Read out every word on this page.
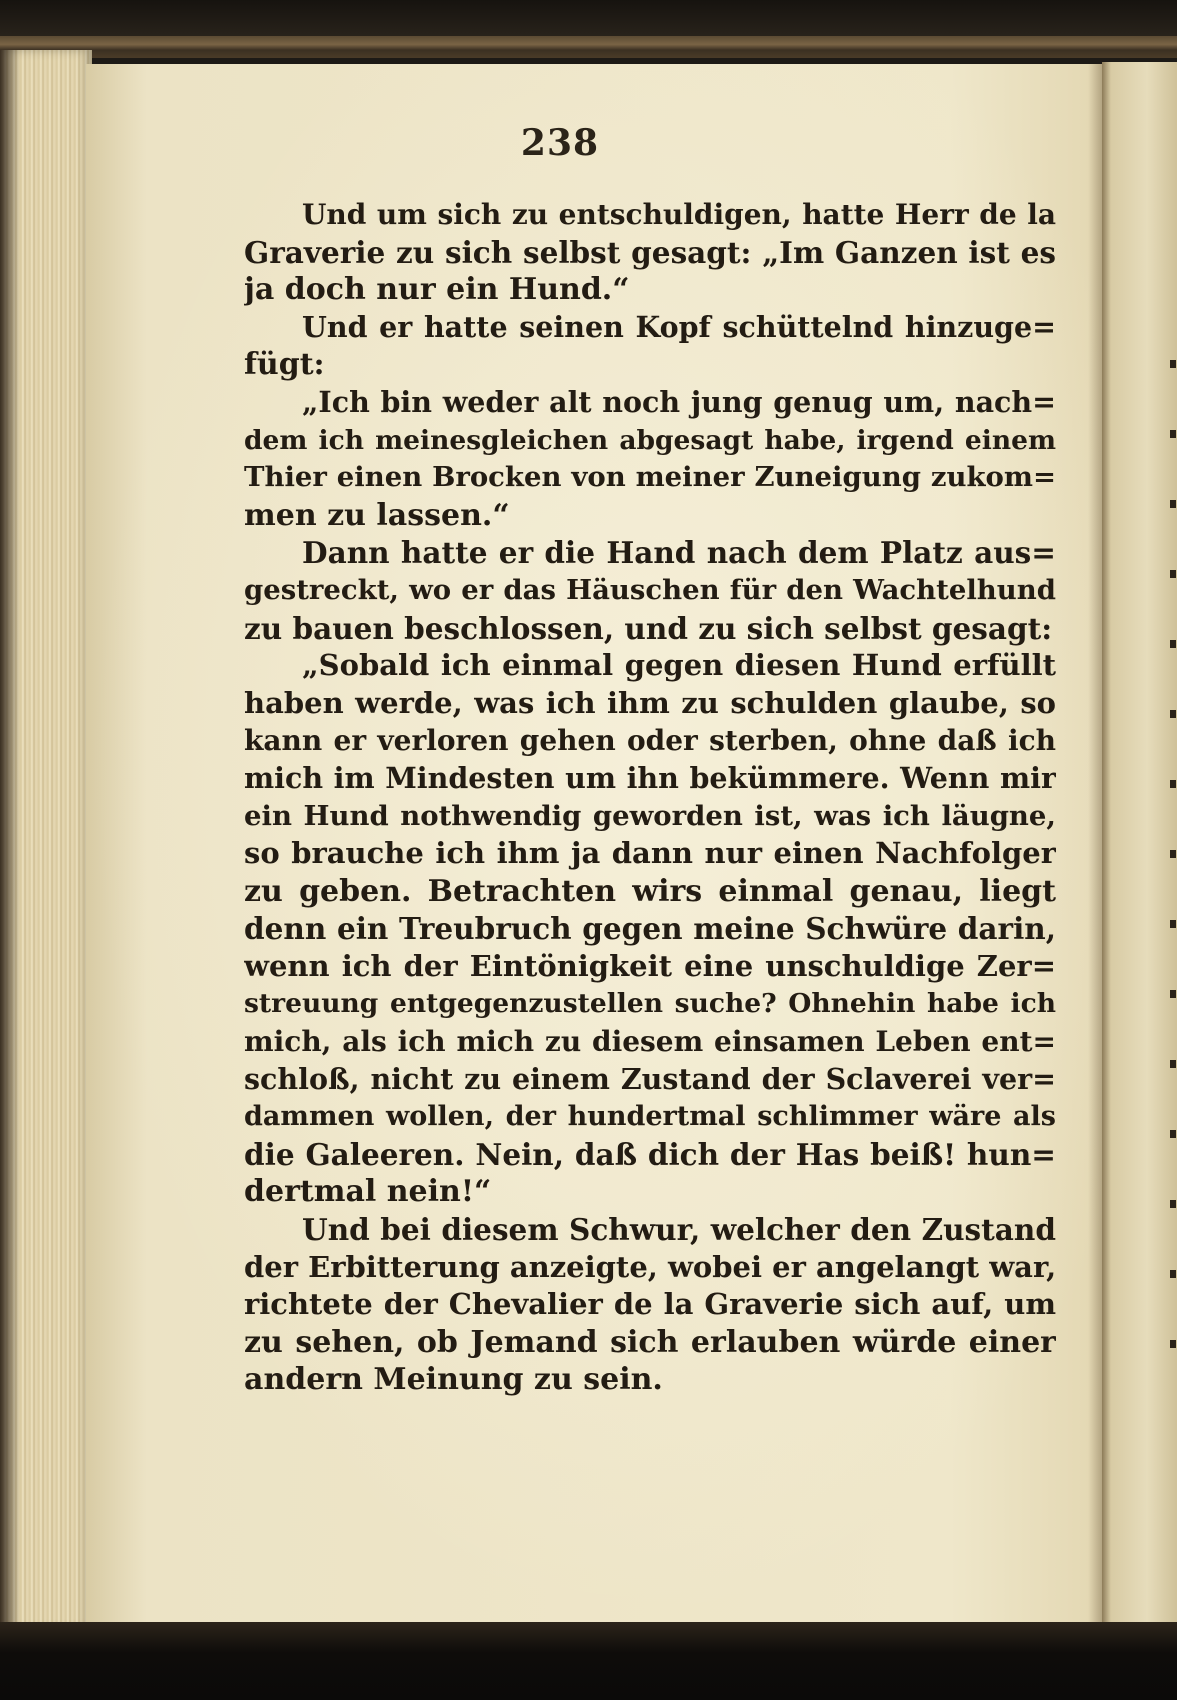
238
Und um sich zu entschuldigen, hatte Herr de la
Graverie zu sich selbst gesagt: „Im Ganzen ist es
ja doch nur ein Hund.“
Und er hatte seinen Kopf schüttelnd hinzuge=
fügt:
„Ich bin weder alt noch jung genug um, nach=
dem ich meinesgleichen abgesagt habe, irgend einem
Thier einen Brocken von meiner Zuneigung zukom=
men zu lassen.“
Dann hatte er die Hand nach dem Platz aus=
gestreckt, wo er das Häuschen für den Wachtelhund
zu bauen beschlossen, und zu sich selbst gesagt:
„Sobald ich einmal gegen diesen Hund erfüllt
haben werde, was ich ihm zu schulden glaube, so
kann er verloren gehen oder sterben, ohne daß ich
mich im Mindesten um ihn bekümmere. Wenn mir
ein Hund nothwendig geworden ist, was ich läugne,
so brauche ich ihm ja dann nur einen Nachfolger
zu geben. Betrachten wirs einmal genau, liegt
denn ein Treubruch gegen meine Schwüre darin,
wenn ich der Eintönigkeit eine unschuldige Zer=
streuung entgegenzustellen suche? Ohnehin habe ich
mich, als ich mich zu diesem einsamen Leben ent=
schloß, nicht zu einem Zustand der Sclaverei ver=
dammen wollen, der hundertmal schlimmer wäre als
die Galeeren. Nein, daß dich der Has beiß! hun=
dertmal nein!“
Und bei diesem Schwur, welcher den Zustand
der Erbitterung anzeigte, wobei er angelangt war,
richtete der Chevalier de la Graverie sich auf, um
zu sehen, ob Jemand sich erlauben würde einer
andern Meinung zu sein.
